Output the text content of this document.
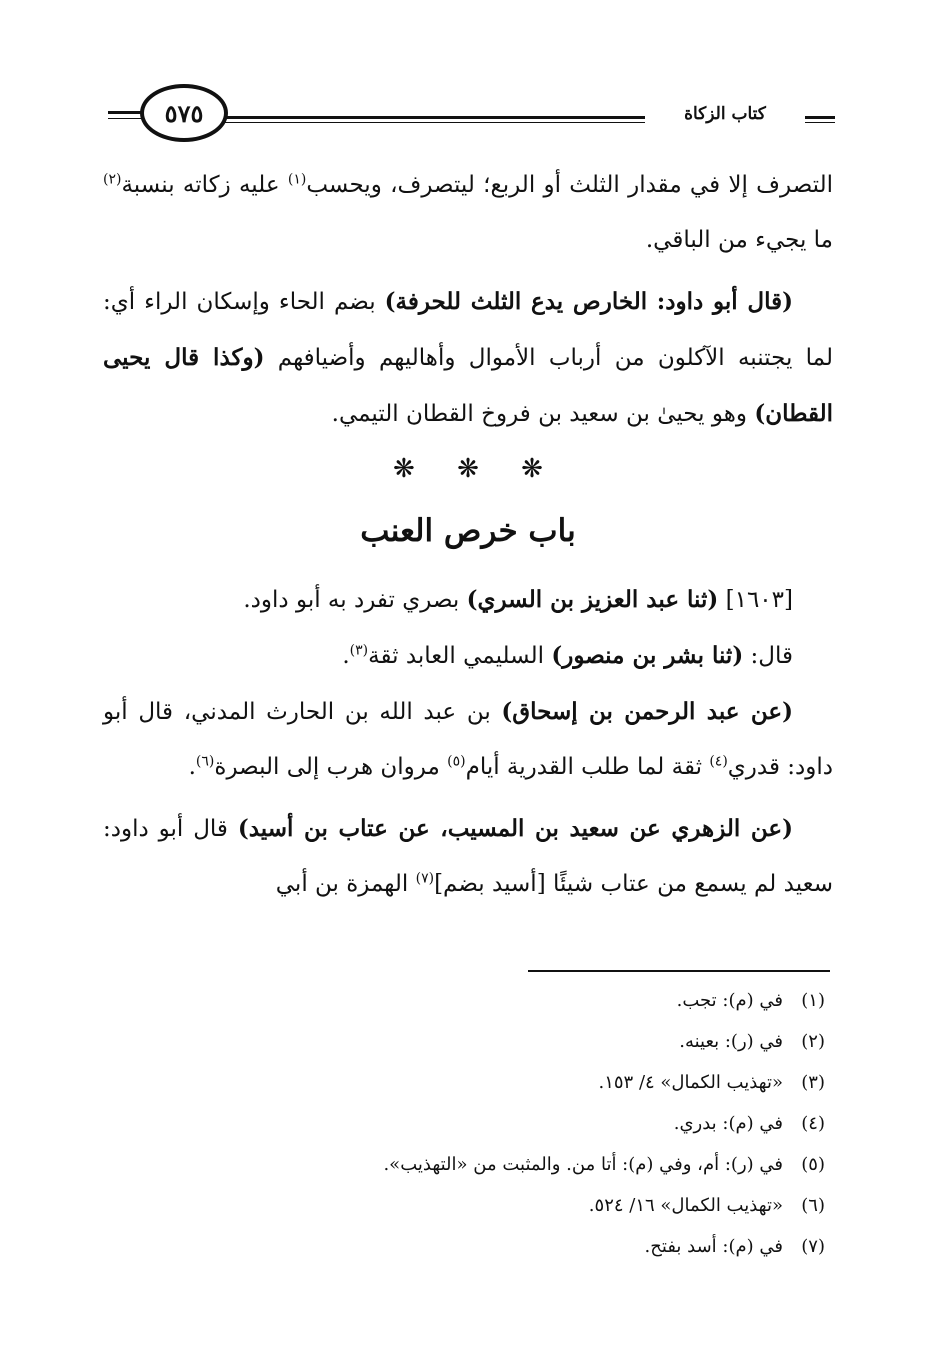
كتاب الزكاة
٥٧٥

التصرف إلا في مقدار الثلث أو الربع؛ ليتصرف، ويحسب$^{(١)}$ عليه زكاته بنسبة$^{(٢)}$ ما يجيء من الباقي.

(قال أبو داود: الخارص يدع الثلث للحرفة) بضم الحاء وإسكان الراء أي: لما يجتنبه الآكلون من أرباب الأموال وأهاليهم وأضيافهم (وكذا قال يحيى القطان) وهو يحيىٰ بن سعيد بن فروخ القطان التيمي.

❋ ❋ ❋

باب خرص العنب

[١٦٠٣] (ثنا عبد العزيز بن السري) بصري تفرد به أبو داود.

قال: (ثنا بشر بن منصور) السليمي العابد ثقة$^{(٣)}$.

(عن عبد الرحمن بن إسحاق) بن عبد الله بن الحارث المدني، قال أبو داود: قدري$^{(٤)}$ ثقة لما طلب القدرية أيام$^{(٥)}$ مروان هرب إلى البصرة$^{(٦)}$.

(عن الزهري عن سعيد بن المسيب، عن عتاب بن أسيد) قال أبو داود: سعيد لم يسمع من عتاب شيئًا [أسيد بضم]$^{(٧)}$ الهمزة بن أبي

(١)
في (م): تجب.
(٢)
في (ر): بعينه.
(٣)
«تهذيب الكمال» ٤/ ١٥٣.
(٤)
في (م): بدري.
(٥)
في (ر): أم، وفي (م): أتا من. والمثبت من «التهذيب».
(٦)
«تهذيب الكمال» ١٦/ ٥٢٤.
(٧)
في (م): أسد بفتح.
